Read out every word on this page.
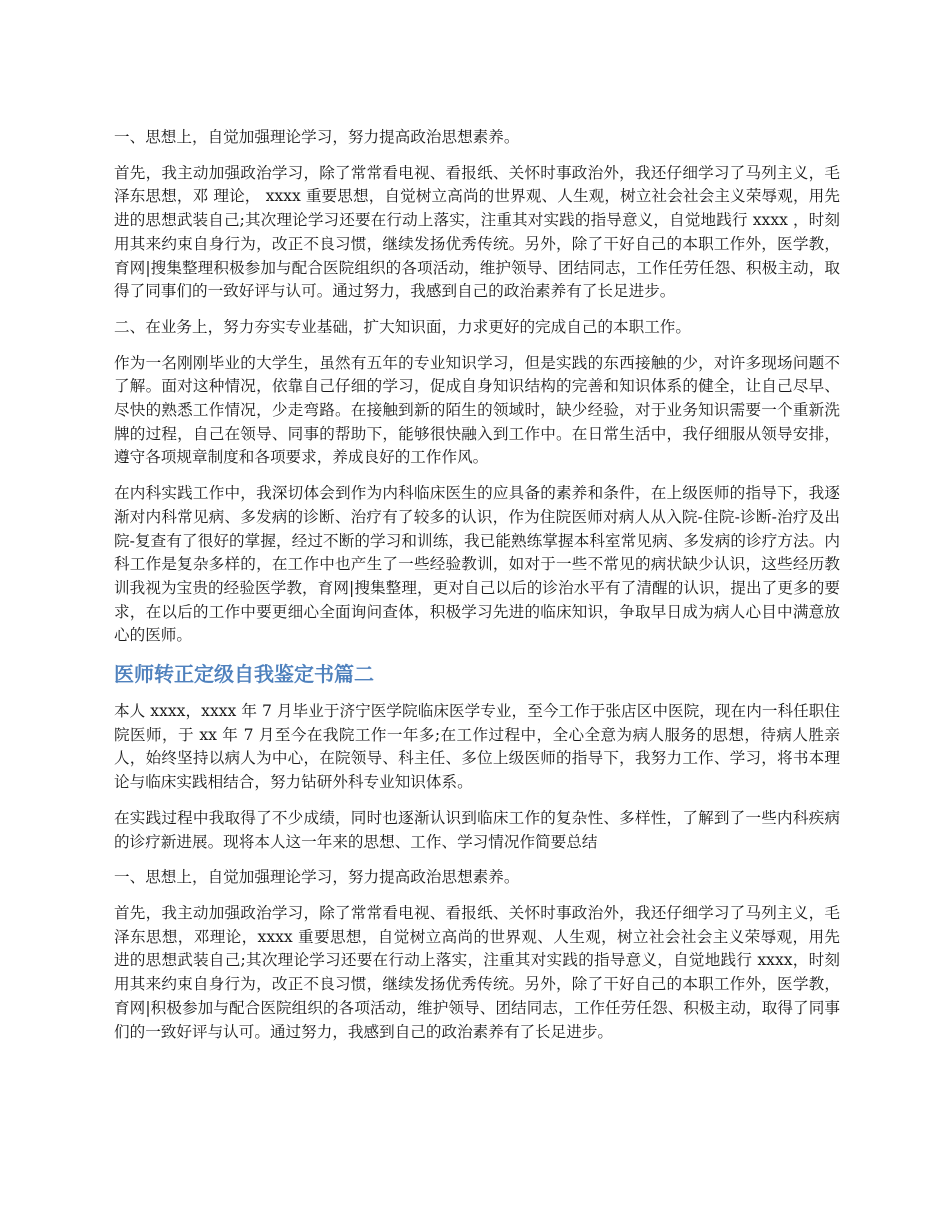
一、思想上，自觉加强理论学习，努力提高政治思想素养。

首先，我主动加强政治学习，除了常常看电视、看报纸、关怀时事政治外，我还仔细学习了马列主义，毛泽东思想，邓 理论， xxxx 重要思想，自觉树立高尚的世界观、人生观，树立社会社会主义荣辱观，用先进的思想武装自己;其次理论学习还要在行动上落实，注重其对实践的指导意义，自觉地践行 xxxx ，时刻用其来约束自身行为，改正不良习惯，继续发扬优秀传统。另外，除了干好自己的本职工作外，医学教，育网|搜集整理积极参加与配合医院组织的各项活动，维护领导、团结同志，工作任劳任怨、积极主动，取得了同事们的一致好评与认可。通过努力，我感到自己的政治素养有了长足进步。

二、在业务上，努力夯实专业基础，扩大知识面，力求更好的完成自己的本职工作。

作为一名刚刚毕业的大学生，虽然有五年的专业知识学习，但是实践的东西接触的少，对许多现场问题不了解。面对这种情况，依靠自己仔细的学习，促成自身知识结构的完善和知识体系的健全，让自己尽早、尽快的熟悉工作情况，少走弯路。在接触到新的陌生的领域时，缺少经验，对于业务知识需要一个重新洗牌的过程，自己在领导、同事的帮助下，能够很快融入到工作中。在日常生活中，我仔细服从领导安排，遵守各项规章制度和各项要求，养成良好的工作作风。

在内科实践工作中，我深切体会到作为内科临床医生的应具备的素养和条件，在上级医师的指导下，我逐渐对内科常见病、多发病的诊断、治疗有了较多的认识，作为住院医师对病人从入院-住院-诊断-治疗及出院-复查有了很好的掌握，经过不断的学习和训练，我已能熟练掌握本科室常见病、多发病的诊疗方法。内科工作是复杂多样的，在工作中也产生了一些经验教训，如对于一些不常见的病状缺少认识，这些经历教训我视为宝贵的经验医学教，育网|搜集整理，更对自己以后的诊治水平有了清醒的认识，提出了更多的要求，在以后的工作中要更细心全面询问查体，积极学习先进的临床知识，争取早日成为病人心目中满意放心的医师。

医师转正定级自我鉴定书篇二

本人 xxxx，xxxx 年 7 月毕业于济宁医学院临床医学专业，至今工作于张店区中医院，现在内一科任职住院医师，于 xx 年 7 月至今在我院工作一年多;在工作过程中，全心全意为病人服务的思想，待病人胜亲人，始终坚持以病人为中心，在院领导、科主任、多位上级医师的指导下，我努力工作、学习，将书本理论与临床实践相结合，努力钻研外科专业知识体系。

在实践过程中我取得了不少成绩，同时也逐渐认识到临床工作的复杂性、多样性，了解到了一些内科疾病的诊疗新进展。现将本人这一年来的思想、工作、学习情况作简要总结

一、思想上，自觉加强理论学习，努力提高政治思想素养。

首先，我主动加强政治学习，除了常常看电视、看报纸、关怀时事政治外，我还仔细学习了马列主义，毛泽东思想，邓理论，xxxx 重要思想，自觉树立高尚的世界观、人生观，树立社会社会主义荣辱观，用先进的思想武装自己;其次理论学习还要在行动上落实，注重其对实践的指导意义，自觉地践行 xxxx，时刻用其来约束自身行为，改正不良习惯，继续发扬优秀传统。另外，除了干好自己的本职工作外，医学教，育网|积极参加与配合医院组织的各项活动，维护领导、团结同志，工作任劳任怨、积极主动，取得了同事们的一致好评与认可。通过努力，我感到自己的政治素养有了长足进步。
